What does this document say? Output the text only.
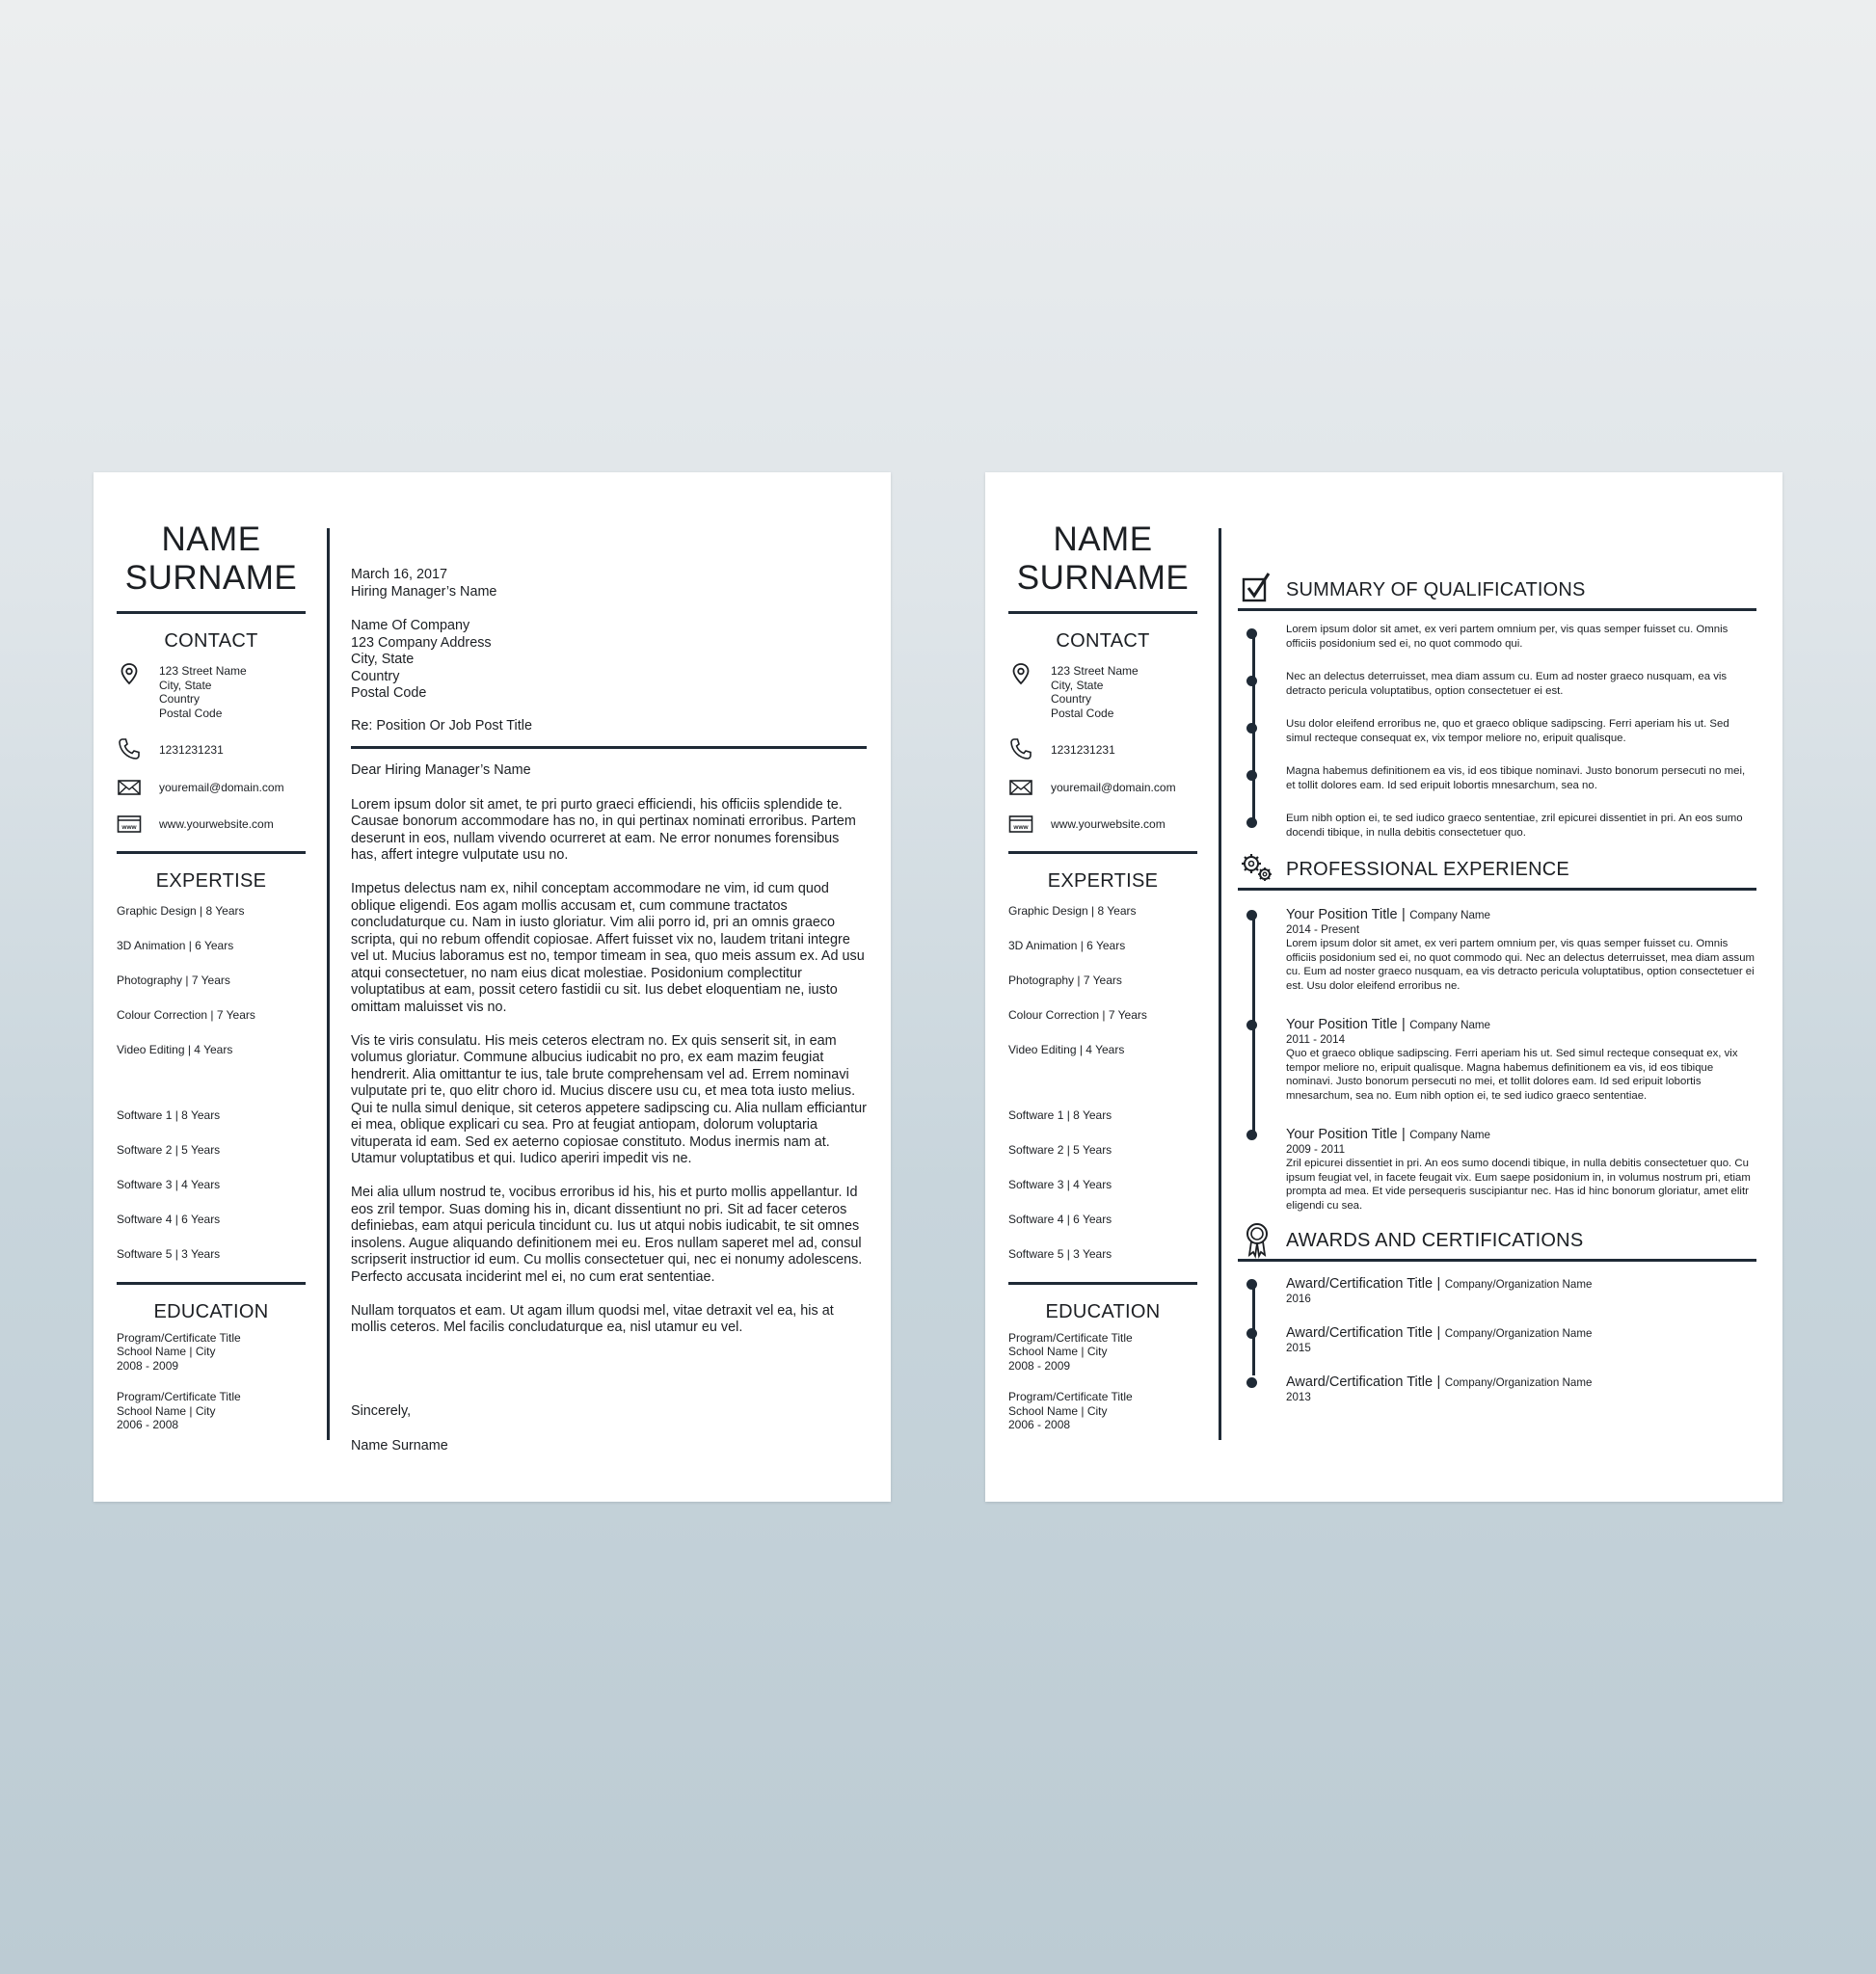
NAME
SURNAME
CONTACT
123 Street Name
City, State
Country
Postal Code
1231231231
youremail@domain.com
www www.yourwebsite.com
EXPERTISE
Graphic Design | 8 Years
3D Animation | 6 Years
Photography | 7 Years
Colour Correction | 7 Years
Video Editing | 4 Years
Software 1 | 8 Years
Software 2 | 5 Years
Software 3 | 4 Years
Software 4 | 6 Years
Software 5 | 3 Years
EDUCATION
Program/Certificate Title
School Name | City
2008 - 2009
Program/Certificate Title
School Name | City
2006 - 2008
March 16, 2017
Hiring Manager’s Name
Name Of Company
123 Company Address
City, State
Country
Postal Code
Re: Position Or Job Post Title

Dear Hiring Manager’s Name

Lorem ipsum dolor sit amet, te pri purto graeci efficiendi, his officiis splendide te. Causae bonorum accommodare has no, in qui pertinax nominati erroribus. Partem deserunt in eos, nullam vivendo ocurreret at eam. Ne error nonumes forensibus has, affert integre vulputate usu no.

Impetus delectus nam ex, nihil conceptam accommodare ne vim, id cum quod oblique eligendi. Eos agam mollis accusam et, cum commune tractatos concludaturque cu. Nam in iusto gloriatur. Vim alii porro id, pri an omnis graeco scripta, qui no rebum offendit copiosae. Affert fuisset vix no, laudem tritani integre vel ut. Mucius laboramus est no, tempor timeam in sea, quo meis assum ex. Ad usu atqui consectetuer, no nam eius dicat molestiae. Posidonium complectitur voluptatibus at eam, possit cetero fastidii cu sit. Ius debet eloquentiam ne, iusto omittam maluisset vis no.

Vis te viris consulatu. His meis ceteros electram no. Ex quis senserit sit, in eam volumus gloriatur. Commune albucius iudicabit no pro, ex eam mazim feugiat hendrerit. Alia omittantur te ius, tale brute comprehensam vel ad. Errem nominavi vulputate pri te, quo elitr choro id. Mucius discere usu cu, et mea tota iusto melius. Qui te nulla simul denique, sit ceteros appetere sadipscing cu. Alia nullam efficiantur ei mea, oblique explicari cu sea. Pro at feugiat antiopam, dolorum voluptaria vituperata id eam. Sed ex aeterno copiosae constituto. Modus inermis nam at. Utamur voluptatibus et qui. Iudico aperiri impedit vis ne.

Mei alia ullum nostrud te, vocibus erroribus id his, his et purto mollis appellantur. Id eos zril tempor. Suas doming his in, dicant dissentiunt no pri. Sit ad facer ceteros definiebas, eam atqui pericula tincidunt cu. Ius ut atqui nobis iudicabit, te sit omnes insolens. Augue aliquando definitionem mei eu. Eros nullam saperet mel ad, consul scripserit instructior id eum. Cu mollis consectetuer qui, nec ei nonumy adolescens. Perfecto accusata inciderint mel ei, no cum erat sententiae.

Nullam torquatos et eam. Ut agam illum quodsi mel, vitae detraxit vel ea, his at mollis ceteros. Mel facilis concludaturque ea, nisl utamur eu vel.

Sincerely,
Name Surname
NAME
SURNAME
CONTACT
123 Street Name
City, State
Country
Postal Code
1231231231
youremail@domain.com
www www.yourwebsite.com
EXPERTISE
Graphic Design | 8 Years
3D Animation | 6 Years
Photography | 7 Years
Colour Correction | 7 Years
Video Editing | 4 Years
Software 1 | 8 Years
Software 2 | 5 Years
Software 3 | 4 Years
Software 4 | 6 Years
Software 5 | 3 Years
EDUCATION
Program/Certificate Title
School Name | City
2008 - 2009
Program/Certificate Title
School Name | City
2006 - 2008
SUMMARY OF QUALIFICATIONS
Lorem ipsum dolor sit amet, ex veri partem omnium per, vis quas semper fuisset cu. Omnis officiis posidonium sed ei, no quot commodo qui.
Nec an delectus deterruisset, mea diam assum cu. Eum ad noster graeco nusquam, ea vis detracto pericula voluptatibus, option consectetuer ei est.
Usu dolor eleifend erroribus ne, quo et graeco oblique sadipscing. Ferri aperiam his ut. Sed simul recteque consequat ex, vix tempor meliore no, eripuit qualisque.
Magna habemus definitionem ea vis, id eos tibique nominavi. Justo bonorum persecuti no mei, et tollit dolores eam. Id sed eripuit lobortis mnesarchum, sea no.
Eum nibh option ei, te sed iudico graeco sententiae, zril epicurei dissentiet in pri. An eos sumo docendi tibique, in nulla debitis consectetuer quo.
PROFESSIONAL EXPERIENCE
Your Position Title | Company Name
2014 - Present
Lorem ipsum dolor sit amet, ex veri partem omnium per, vis quas semper fuisset cu. Omnis officiis posidonium sed ei, no quot commodo qui. Nec an delectus deterruisset, mea diam assum cu. Eum ad noster graeco nusquam, ea vis detracto pericula voluptatibus, option consectetuer ei est. Usu dolor eleifend erroribus ne.
Your Position Title | Company Name
2011 - 2014
Quo et graeco oblique sadipscing. Ferri aperiam his ut. Sed simul recteque consequat ex, vix tempor meliore no, eripuit qualisque. Magna habemus definitionem ea vis, id eos tibique nominavi. Justo bonorum persecuti no mei, et tollit dolores eam. Id sed eripuit lobortis mnesarchum, sea no. Eum nibh option ei, te sed iudico graeco sententiae.
Your Position Title | Company Name
2009 - 2011
Zril epicurei dissentiet in pri. An eos sumo docendi tibique, in nulla debitis consectetuer quo. Cu ipsum feugiat vel, in facete feugait vix. Eum saepe posidonium in, in volumus nostrum pri, etiam prompta ad mea. Et vide persequeris suscipiantur nec. Has id hinc bonorum gloriatur, amet elitr eligendi cu sea.
AWARDS AND CERTIFICATIONS
Award/Certification Title | Company/Organization Name
2016
Award/Certification Title | Company/Organization Name
2015
Award/Certification Title | Company/Organization Name
2013
